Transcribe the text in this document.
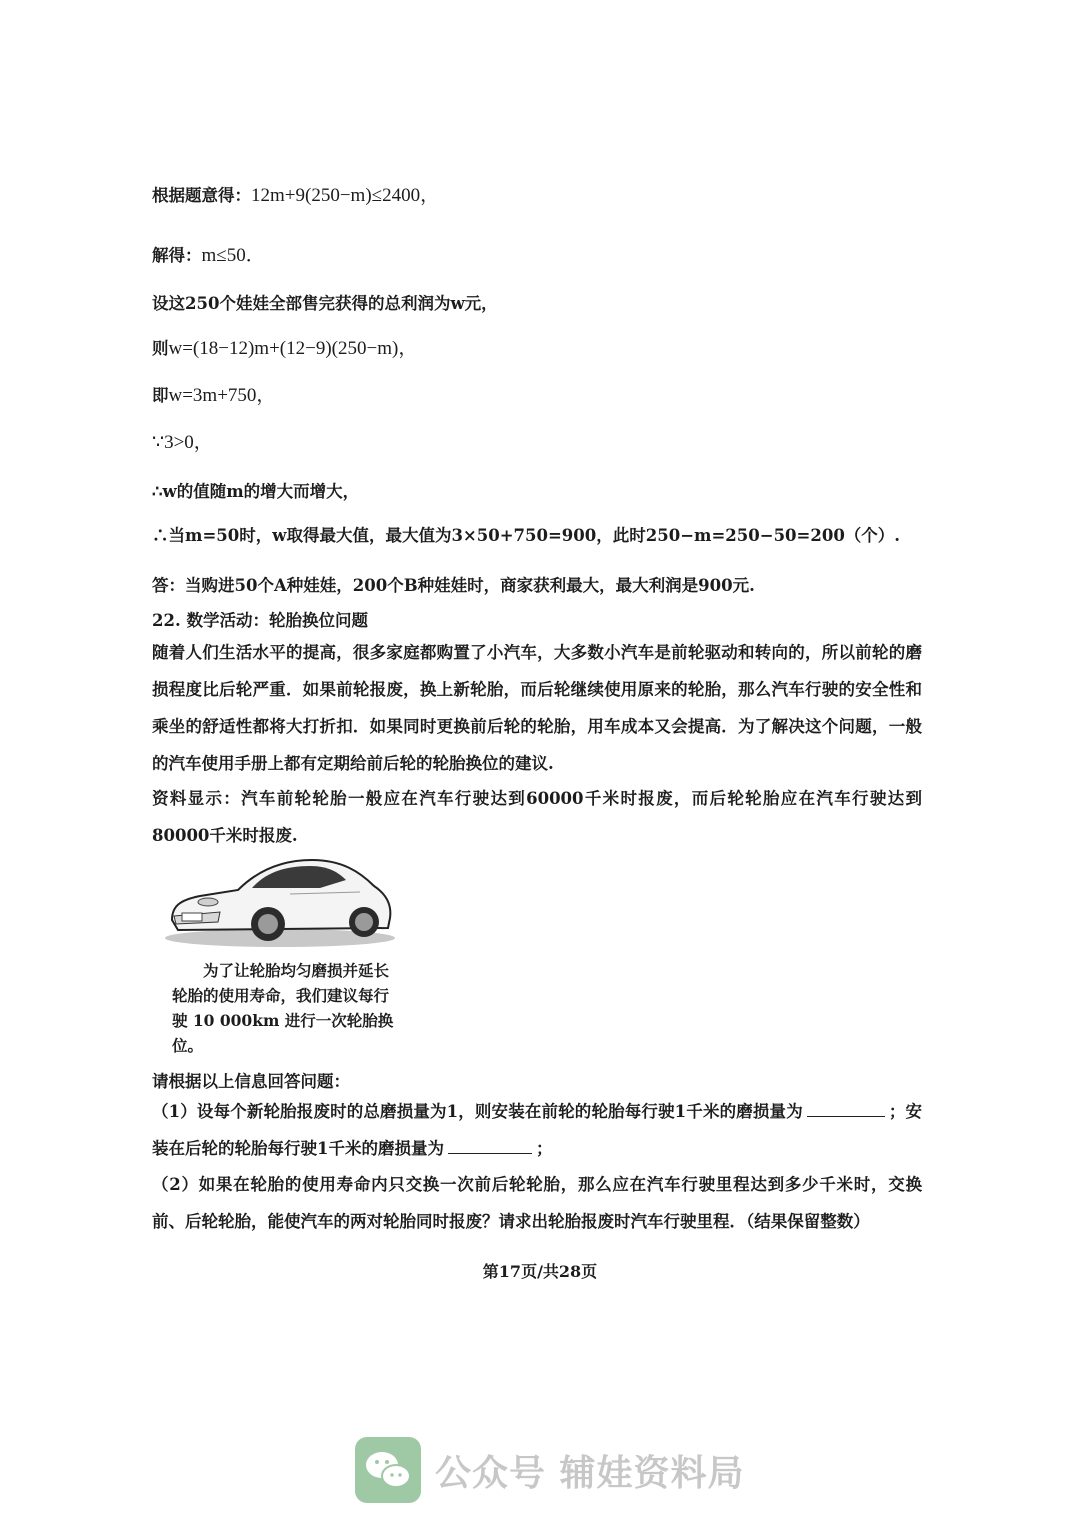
根据题意得：12m+9(250−m)≤2400，
解得：m≤50．
设这250个娃娃全部售完获得的总利润为w元，
则w=(18−12)m+(12−9)(250−m)，
即w=3m+750，
∵3>0，
∴w的值随m的增大而增大，
∴当m=50时，w取得最大值，最大值为3×50+750=900，此时250−m=250−50=200（个）.
答：当购进50个A种娃娃，200个B种娃娃时，商家获利最大，最大利润是900元.
22. 数学活动：轮胎换位问题
随着人们生活水平的提高，很多家庭都购置了小汽车，大多数小汽车是前轮驱动和转向的，所以前轮的磨损程度比后轮严重．如果前轮报废，换上新轮胎，而后轮继续使用原来的轮胎，那么汽车行驶的安全性和乘坐的舒适性都将大打折扣．如果同时更换前后轮的轮胎，用车成本又会提高．为了解决这个问题，一般的汽车使用手册上都有定期给前后轮的轮胎换位的建议.
资料显示：汽车前轮轮胎一般应在汽车行驶达到60000千米时报废，而后轮轮胎应在汽车行驶达到80000千米时报废.
为了让轮胎均匀磨损并延长轮胎的使用寿命，我们建议每行驶 10 000km 进行一次轮胎换位。
请根据以上信息回答问题：
（1）设每个新轮胎报废时的总磨损量为1，则安装在前轮的轮胎每行驶1千米的磨损量为	；安装在后轮的轮胎每行驶1千米的磨损量为	；
（2）如果在轮胎的使用寿命内只交换一次前后轮轮胎，那么应在汽车行驶里程达到多少千米时，交换前、后轮轮胎，能使汽车的两对轮胎同时报废？请求出轮胎报废时汽车行驶里程．（结果保留整数）
第17页/共28页
公众号 辅娃资料局
